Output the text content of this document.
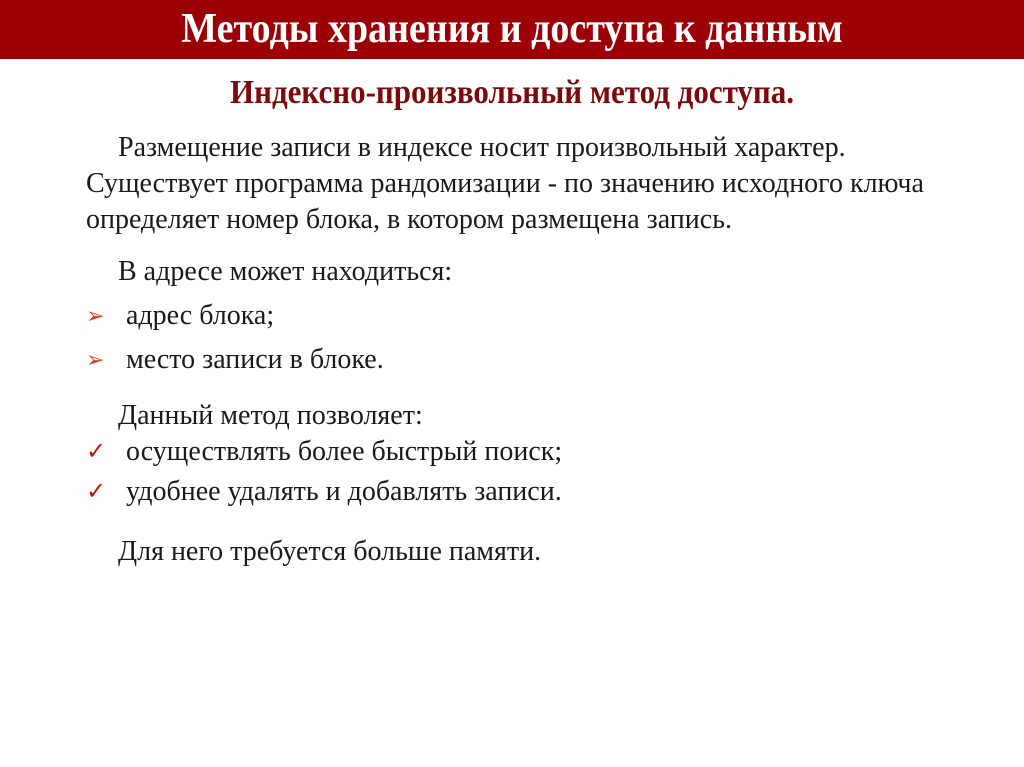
Методы хранения и доступа к данным
Индексно-произвольный метод доступа.

Размещение записи в индексе носит произвольный характер. Существует программа рандомизации - по значению исходного ключа определяет номер блока, в котором размещена запись.

В адресе может находиться:

➢ адрес блока;
➢ место записи в блоке.

Данный метод позволяет:

✓ осуществлять более быстрый поиск;
✓ удобнее удалять и добавлять записи.

Для него требуется больше памяти.
